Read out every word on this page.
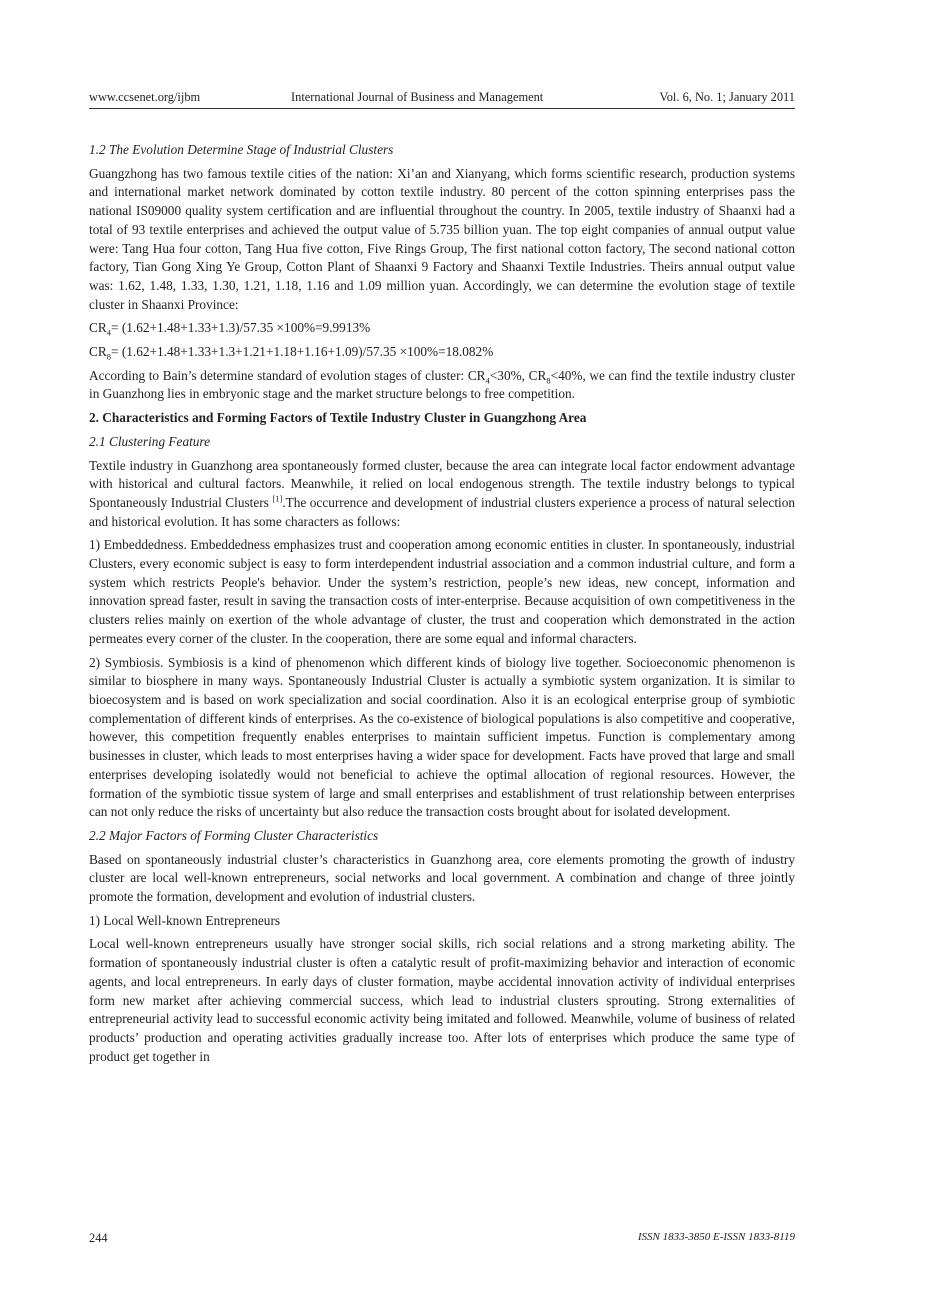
www.ccsenet.org/ijbm	International Journal of Business and Management	Vol. 6, No. 1; January 2011
1.2 The Evolution Determine Stage of Industrial Clusters

Guangzhong has two famous textile cities of the nation: Xi’an and Xianyang, which forms scientific research, production systems and international market network dominated by cotton textile industry. 80 percent of the cotton spinning enterprises pass the national IS09000 quality system certification and are influential throughout the country. In 2005, textile industry of Shaanxi had a total of 93 textile enterprises and achieved the output value of 5.735 billion yuan. The top eight companies of annual output value were: Tang Hua four cotton, Tang Hua five cotton, Five Rings Group, The first national cotton factory, The second national cotton factory, Tian Gong Xing Ye Group, Cotton Plant of Shaanxi 9 Factory and Shaanxi Textile Industries. Theirs annual output value was: 1.62, 1.48, 1.33, 1.30, 1.21, 1.18, 1.16 and 1.09 million yuan. Accordingly, we can determine the evolution stage of textile cluster in Shaanxi Province:

$CR_4= (1.62+1.48+1.33+1.3)/57.35 \times 100\%=9.9913\%$

$CR_8= (1.62+1.48+1.33+1.3+1.21+1.18+1.16+1.09)/57.35 \times 100\%=18.082\%$

According to Bain’s determine standard of evolution stages of cluster: $CR_4<30\%$, $CR_8<40\%$, we can find the textile industry cluster in Guanzhong lies in embryonic stage and the market structure belongs to free competition.

2. Characteristics and Forming Factors of Textile Industry Cluster in Guangzhong Area
2.1 Clustering Feature

Textile industry in Guanzhong area spontaneously formed cluster, because the area can integrate local factor endowment advantage with historical and cultural factors. Meanwhile, it relied on local endogenous strength. The textile industry belongs to typical Spontaneously Industrial Clusters [1].The occurrence and development of industrial clusters experience a process of natural selection and historical evolution. It has some characters as follows:

1) Embeddedness. Embeddedness emphasizes trust and cooperation among economic entities in cluster. In spontaneously, industrial Clusters, every economic subject is easy to form interdependent industrial association and a common industrial culture, and form a system which restricts People's behavior. Under the system’s restriction, people’s new ideas, new concept, information and innovation spread faster, result in saving the transaction costs of inter-enterprise. Because acquisition of own competitiveness in the clusters relies mainly on exertion of the whole advantage of cluster, the trust and cooperation which demonstrated in the action permeates every corner of the cluster. In the cooperation, there are some equal and informal characters.

2) Symbiosis. Symbiosis is a kind of phenomenon which different kinds of biology live together. Socioeconomic phenomenon is similar to biosphere in many ways. Spontaneously Industrial Cluster is actually a symbiotic system organization. It is similar to bioecosystem and is based on work specialization and social coordination. Also it is an ecological enterprise group of symbiotic complementation of different kinds of enterprises. As the co-existence of biological populations is also competitive and cooperative, however, this competition frequently enables enterprises to maintain sufficient impetus. Function is complementary among businesses in cluster, which leads to most enterprises having a wider space for development. Facts have proved that large and small enterprises developing isolatedly would not beneficial to achieve the optimal allocation of regional resources. However, the formation of the symbiotic tissue system of large and small enterprises and establishment of trust relationship between enterprises can not only reduce the risks of uncertainty but also reduce the transaction costs brought about for isolated development.

2.2 Major Factors of Forming Cluster Characteristics

Based on spontaneously industrial cluster’s characteristics in Guanzhong area, core elements promoting the growth of industry cluster are local well-known entrepreneurs, social networks and local government. A combination and change of three jointly promote the formation, development and evolution of industrial clusters.

1) Local Well-known Entrepreneurs

Local well-known entrepreneurs usually have stronger social skills, rich social relations and a strong marketing ability. The formation of spontaneously industrial cluster is often a catalytic result of profit-maximizing behavior and interaction of economic agents, and local entrepreneurs. In early days of cluster formation, maybe accidental innovation activity of individual enterprises form new market after achieving commercial success, which lead to industrial clusters sprouting. Strong externalities of entrepreneurial activity lead to successful economic activity being imitated and followed. Meanwhile, volume of business of related products’ production and operating activities gradually increase too. After lots of enterprises which produce the same type of product get together in

244	ISSN 1833-3850 E-ISSN 1833-8119
